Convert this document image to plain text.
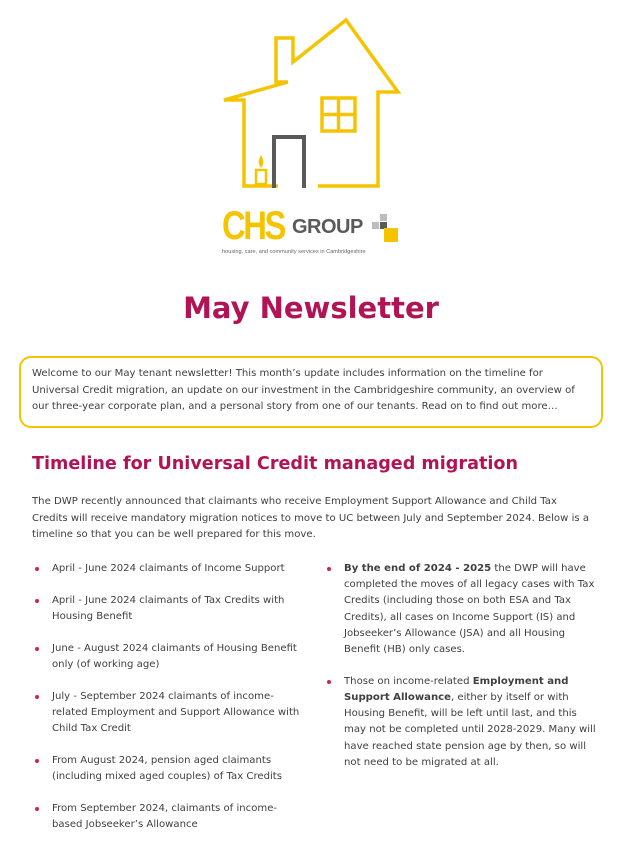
CHS GROUP
housing, care, and community services in Cambridgeshire
May Newsletter
Welcome to our May tenant newsletter! This month’s update includes information on the timeline for Universal Credit migration, an update on our investment in the Cambridgeshire community, an overview of our three-year corporate plan, and a personal story from one of our tenants. Read on to find out more…
Timeline for Universal Credit managed migration

The DWP recently announced that claimants who receive Employment Support Allowance and Child Tax Credits will receive mandatory migration notices to move to UC between July and September 2024. Below is a timeline so that you can be well prepared for this move.

April - June 2024 claimants of Income Support
April - June 2024 claimants of Tax Credits with Housing Benefit
June - August 2024 claimants of Housing Benefit only (of working age)
July - September 2024 claimants of income-related Employment and Support Allowance with Child Tax Credit
From August 2024, pension aged claimants (including mixed aged couples) of Tax Credits
From September 2024, claimants of income-based Jobseeker’s Allowance
By the end of 2024 - 2025 the DWP will have completed the moves of all legacy cases with Tax Credits (including those on both ESA and Tax Credits), all cases on Income Support (IS) and Jobseeker’s Allowance (JSA) and all Housing Benefit (HB) only cases.
Those on income-related Employment and Support Allowance, either by itself or with Housing Benefit, will be left until last, and this may not be completed until 2028-2029. Many will have reached state pension age by then, so will not need to be migrated at all.
